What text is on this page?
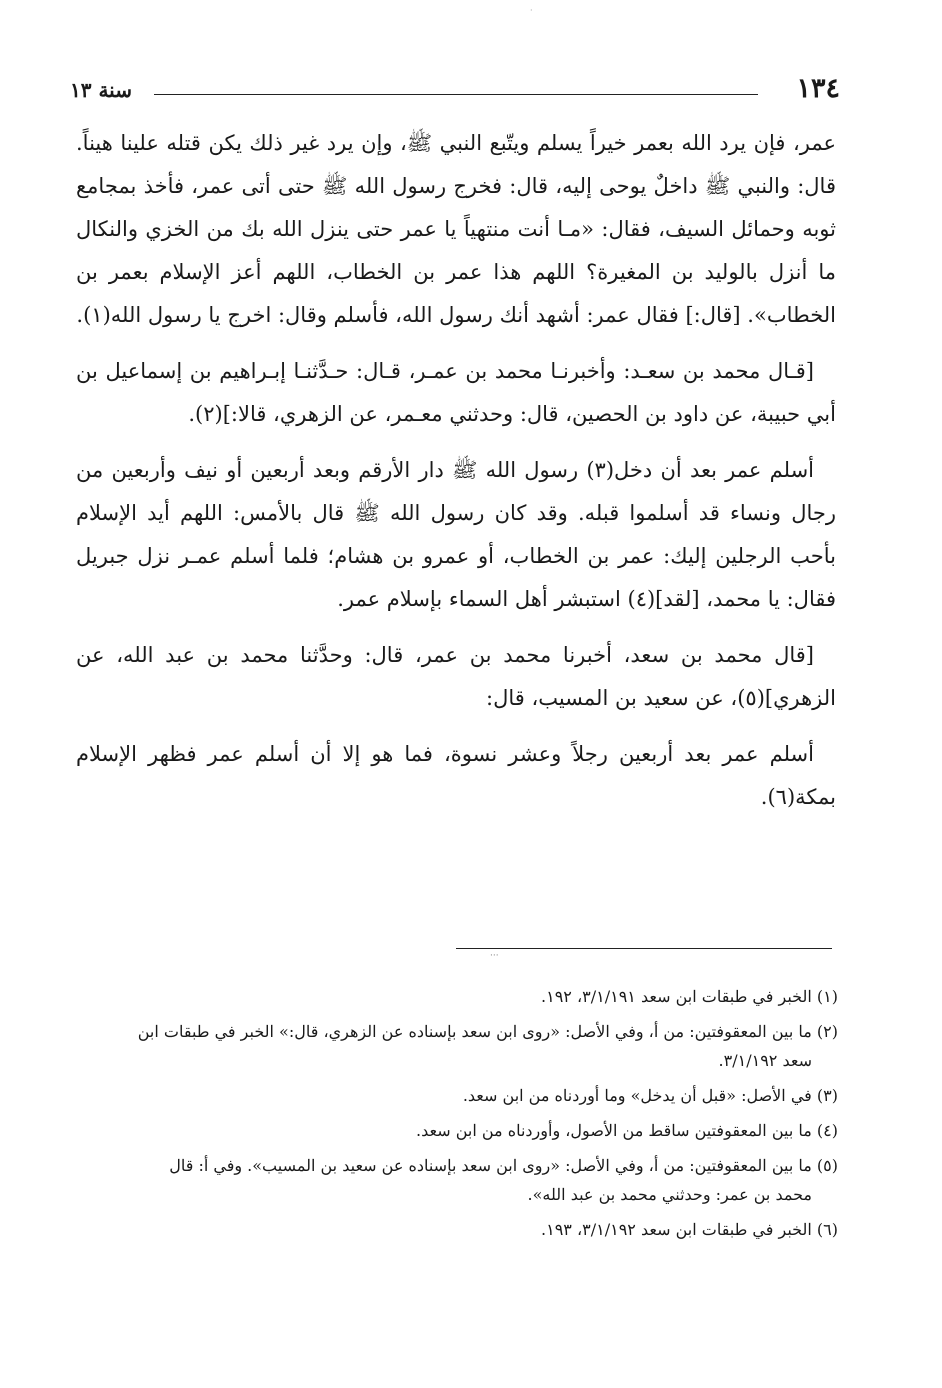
·
١٣٤
سنة ١٣

عمر، فإن يرد الله بعمر خيراً يسلم ويتّبع النبي ﷺ، وإن يرد غير ذلك يكن قتله علينا هيناً. قال: والنبي ﷺ داخلٌ يوحى إليه، قال: فخرج رسول الله ﷺ حتى أتى عمر، فأخذ بمجامع ثوبه وحمائل السيف، فقال: «مـا أنت منتهياً يا عمر حتى ينزل الله بك من الخزي والنكال ما أنزل بالوليد بن المغيرة؟ اللهم هذا عمر بن الخطاب، اللهم أعز الإسلام بعمر بن الخطاب». [قال:] فقال عمر: أشهد أنك رسول الله، فأسلم وقال: اخرج يا رسول الله(١).

[قـال محمد بن سعـد: وأخبرنـا محمد بن عمـر، قـال: حـدَّثنـا إبـراهيم بن إسماعيل بن أبي حبيبة، عن داود بن الحصين، قال: وحدثني معـمر، عن الزهري، قالا:](٢).

أسلم عمر بعد أن دخل(٣) رسول الله ﷺ دار الأرقم وبعد أربعين أو نيف وأربعين من رجال ونساء قد أسلموا قبله. وقد كان رسول الله ﷺ قال بالأمس: اللهم أيد الإسلام بأحب الرجلين إليك: عمر بن الخطاب، أو عمرو بن هشام؛ فلما أسلم عمـر نزل جبريل فقال: يا محمد، [لقد](٤) استبشر أهل السماء بإسلام عمر.

[قال محمد بن سعد، أخبرنا محمد بن عمر، قال: وحدَّثنا محمد بن عبد الله، عن الزهري](٥)، عن سعيد بن المسيب، قال:

أسلم عمر بعد أربعين رجلاً وعشر نسوة، فما هو إلا أن أسلم عمر فظهر الإسلام بمكة(٦).

···

(١) الخبر في طبقات ابن سعد ٣/١/١٩١، ١٩٢.

(٢) ما بين المعقوفتين: من أ، وفي الأصل: «روى ابن سعد بإسناده عن الزهري، قال:» الخبر في طبقات ابن
سعد ٣/١/١٩٢.

(٣) في الأصل: «قبل أن يدخل» وما أوردناه من ابن سعد.

(٤) ما بين المعقوفتين ساقط من الأصول، وأوردناه من ابن سعد.

(٥) ما بين المعقوفتين: من أ، وفي الأصل: «روى ابن سعد بإسناده عن سعيد بن المسيب». وفي أ: قال
محمد بن عمر: وحدثني محمد بن عبد الله».

(٦) الخبر في طبقات ابن سعد ٣/١/١٩٢، ١٩٣.
